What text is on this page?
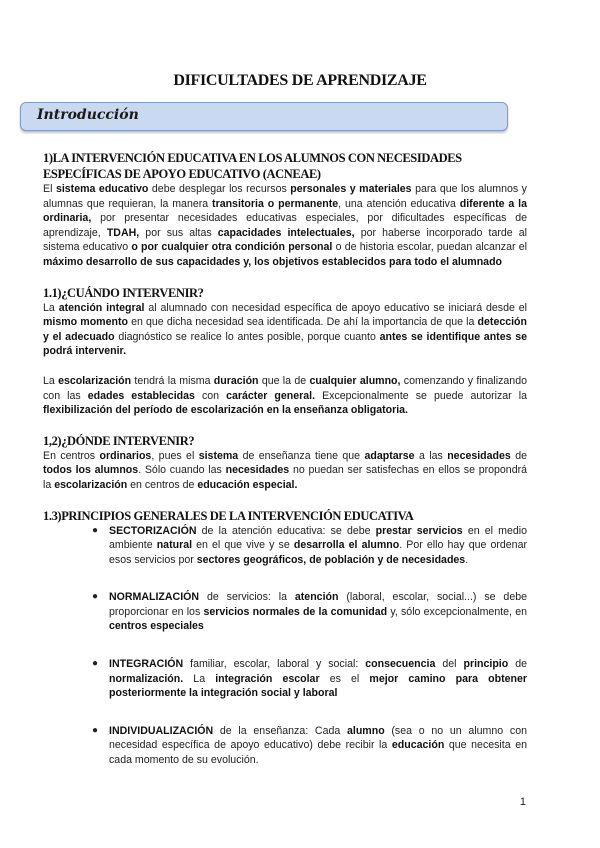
DIFICULTADES DE APRENDIZAJE
Introducción
1)LA INTERVENCIÓN EDUCATIVA EN LOS ALUMNOS CON NECESIDADES ESPECÍFICAS DE APOYO EDUCATIVO (ACNEAE)

El sistema educativo debe desplegar los recursos personales y materiales para que los alumnos y alumnas que requieran, la manera transitoria o permanente, una atención educativa diferente a la ordinaria, por presentar necesidades educativas especiales, por dificultades específicas de aprendizaje, TDAH, por sus altas capacidades intelectuales, por haberse incorporado tarde al sistema educativo o por cualquier otra condición personal o de historia escolar, puedan alcanzar el máximo desarrollo de sus capacidades y, los objetivos establecidos para todo el alumnado

1.1)¿CUÁNDO INTERVENIR?

La atención integral al alumnado con necesidad específica de apoyo educativo se iniciará desde el mismo momento en que dicha necesidad sea identificada. De ahí la importancia de que la detección y el adecuado diagnóstico se realice lo antes posible, porque cuanto antes se identifique antes se podrá intervenir.

La escolarización tendrá la misma duración que la de cualquier alumno, comenzando y finalizando con las edades establecidas con carácter general. Excepcionalmente se puede autorizar la flexibilización del período de escolarización en la enseñanza obligatoria.

1,2)¿DÓNDE INTERVENIR?

En centros ordinarios, pues el sistema de enseñanza tiene que adaptarse a las necesidades de todos los alumnos. Sólo cuando las necesidades no puedan ser satisfechas en ellos se propondrá la escolarización en centros de educación especial.

1.3)PRINCIPIOS GENERALES DE LA INTERVENCIÓN EDUCATIVA
● SECTORIZACIÓN de la atención educativa: se debe prestar servicios en el medio ambiente natural en el que vive y se desarrolla el alumno. Por ello hay que ordenar esos servicios por sectores geográficos, de población y de necesidades.
● NORMALIZACIÓN de servicios: la atención (laboral, escolar, social...) se debe proporcionar en los servicios normales de la comunidad y, sólo excepcionalmente, en centros especiales
● INTEGRACIÓN familiar, escolar, laboral y social: consecuencia del principio de normalización. La integración escolar es el mejor camino para obtener posteriormente la integración social y laboral
● INDIVIDUALIZACIÓN de la enseñanza: Cada alumno (sea o no un alumno con necesidad específica de apoyo educativo) debe recibir la educación que necesita en cada momento de su evolución.
1
